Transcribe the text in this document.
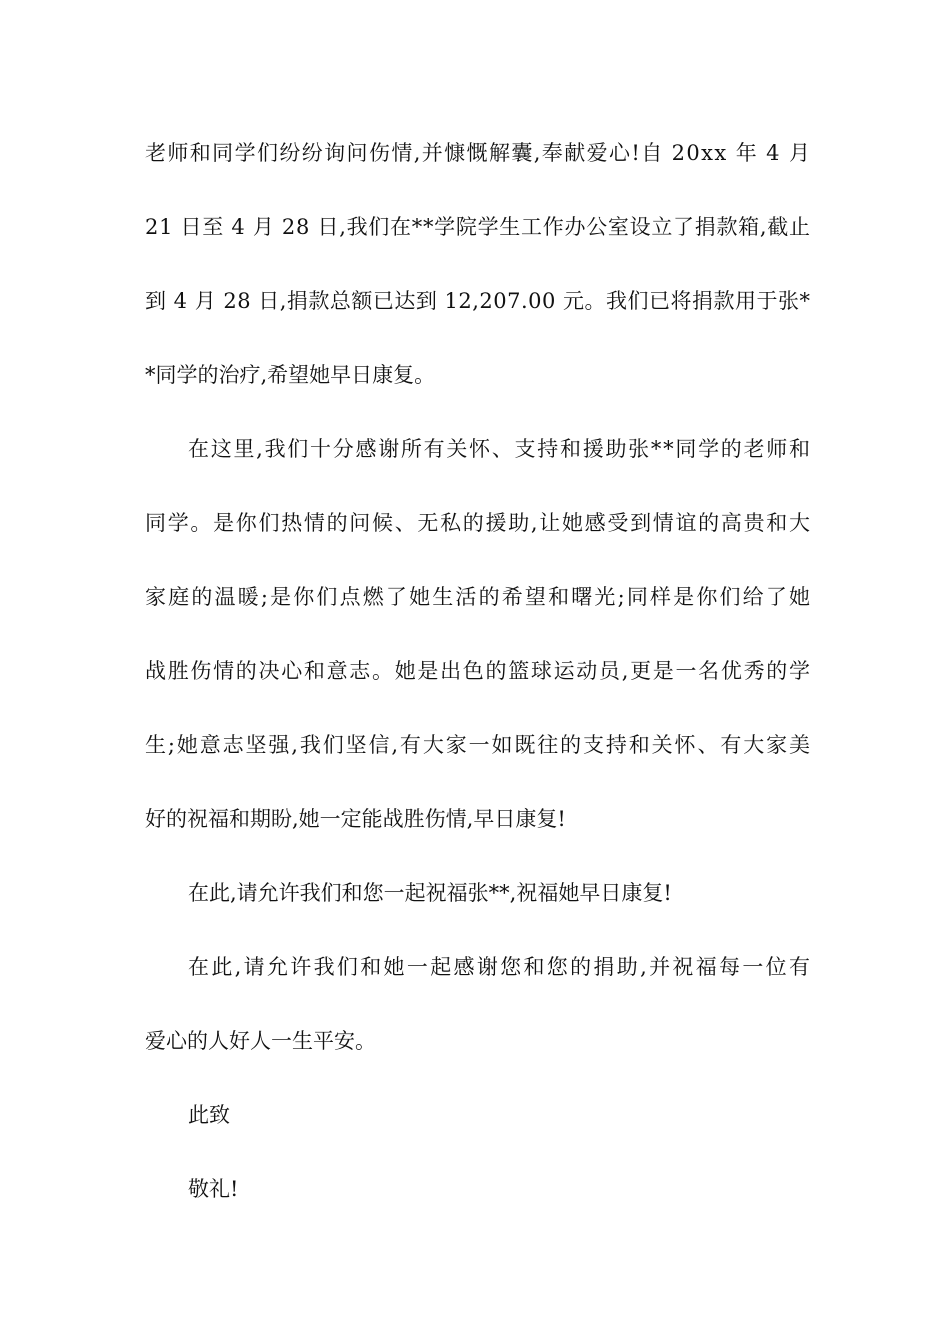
老师和同学们纷纷询问伤情,并慷慨解囊,奉献爱心!自 20xx 年 4 月
21 日至 4 月 28 日,我们在**学院学生工作办公室设立了捐款箱,截止
到 4 月 28 日,捐款总额已达到 12,207.00 元。我们已将捐款用于张*
*同学的治疗,希望她早日康复。
在这里,我们十分感谢所有关怀、支持和援助张**同学的老师和
同学。是你们热情的问候、无私的援助,让她感受到情谊的高贵和大
家庭的温暖;是你们点燃了她生活的希望和曙光;同样是你们给了她
战胜伤情的决心和意志。她是出色的篮球运动员,更是一名优秀的学
生;她意志坚强,我们坚信,有大家一如既往的支持和关怀、有大家美
好的祝福和期盼,她一定能战胜伤情,早日康复!
在此,请允许我们和您一起祝福张**,祝福她早日康复!
在此,请允许我们和她一起感谢您和您的捐助,并祝福每一位有
爱心的人好人一生平安。
此致
敬礼!
